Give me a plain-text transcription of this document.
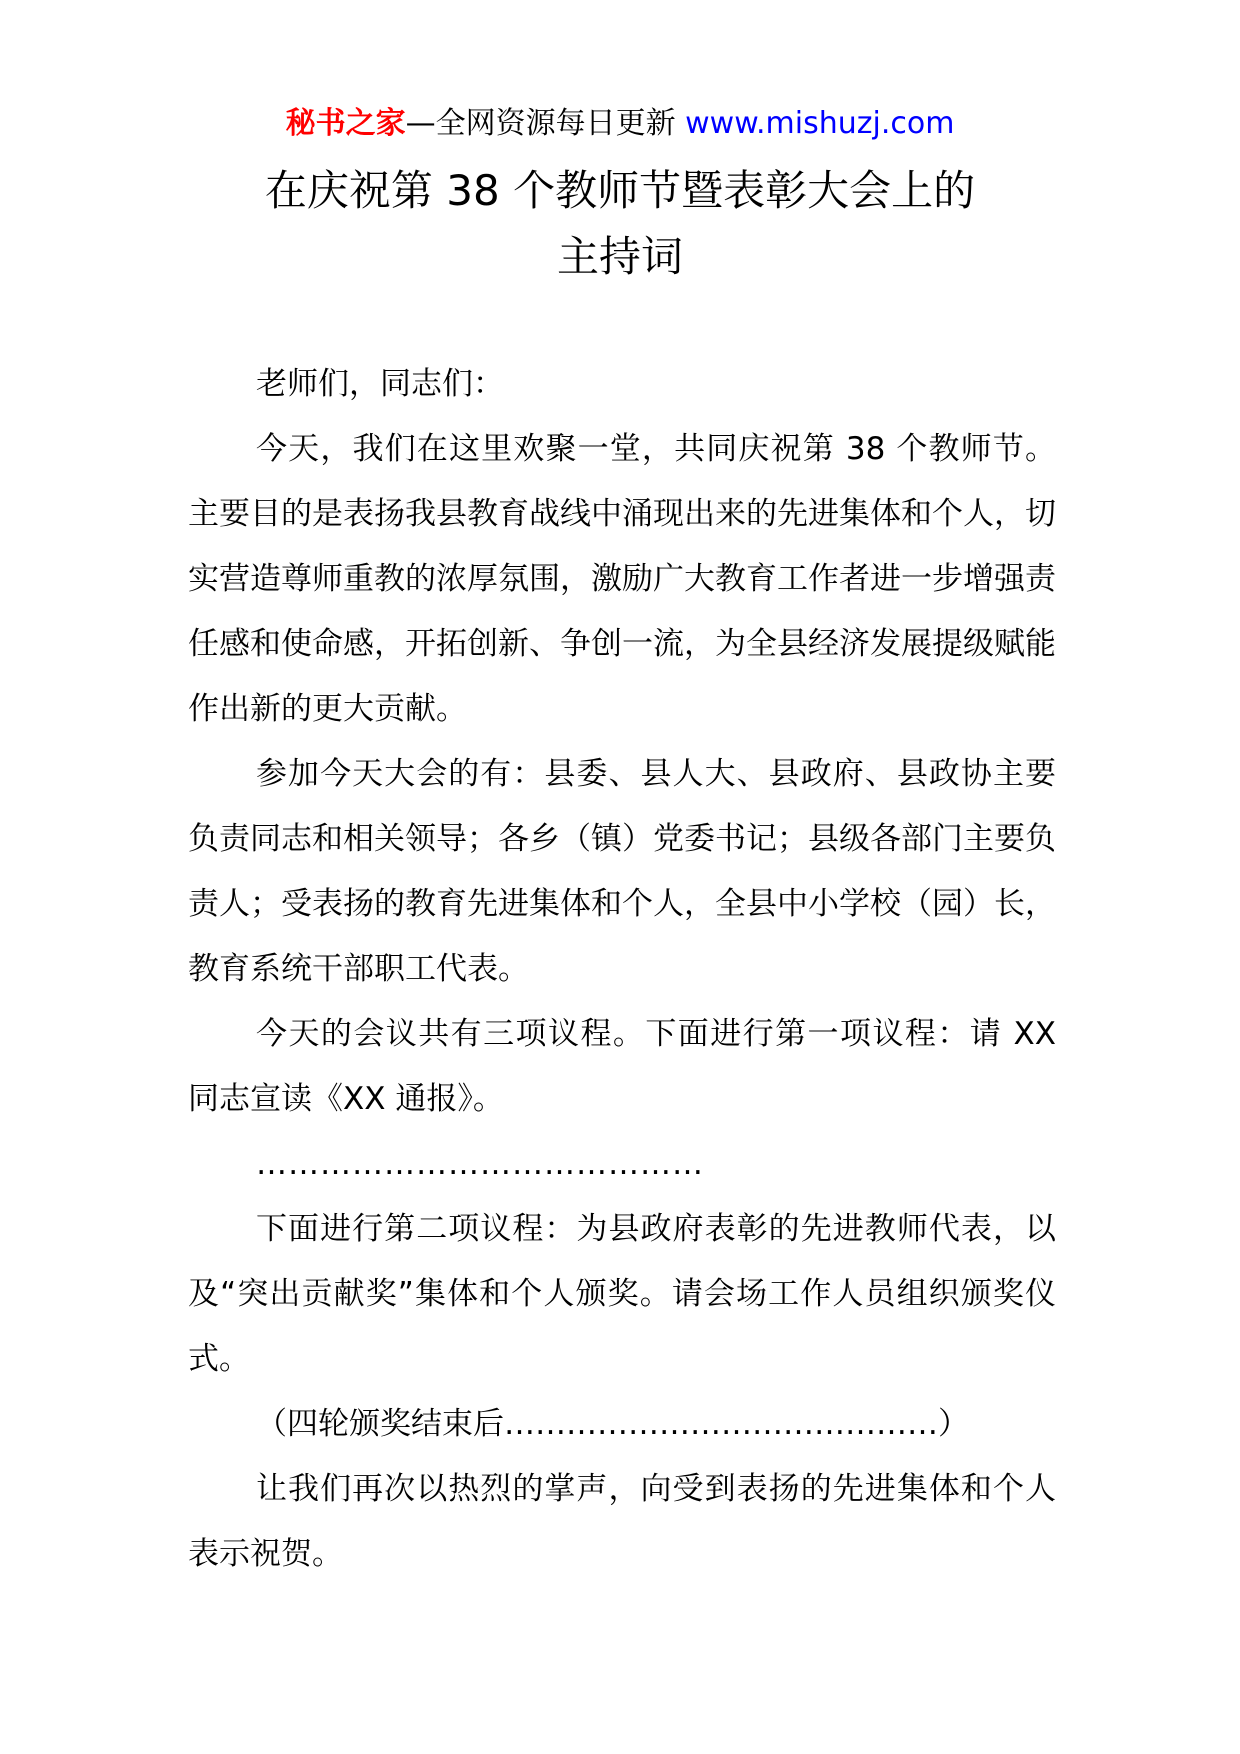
秘书之家—全网资源每日更新 www.mishuzj.com
在庆祝第 38 个教师节暨表彰大会上的
主持词

老师们，同志们：

今天，我们在这里欢聚一堂，共同庆祝第 38 个教师节。主要目的是表扬我县教育战线中涌现出来的先进集体和个人，切实营造尊师重教的浓厚氛围，激励广大教育工作者进一步增强责任感和使命感，开拓创新、争创一流，为全县经济发展提级赋能作出新的更大贡献。

参加今天大会的有：县委、县人大、县政府、县政协主要负责同志和相关领导；各乡（镇）党委书记；县级各部门主要负责人；受表扬的教育先进集体和个人，全县中小学校（园）长，教育系统干部职工代表。

今天的会议共有三项议程。下面进行第一项议程：请 XX 同志宣读《XX 通报》。

……………………………………

下面进行第二项议程：为县政府表彰的先进教师代表，以及“突出贡献奖”集体和个人颁奖。请会场工作人员组织颁奖仪式。

（四轮颁奖结束后……………………………………）

让我们再次以热烈的掌声，向受到表扬的先进集体和个人表示祝贺。
